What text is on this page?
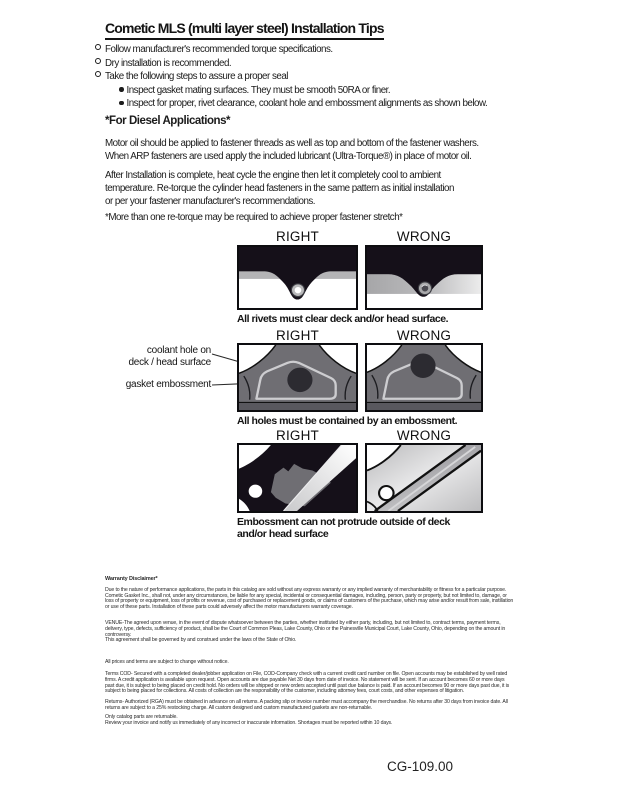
Cometic MLS (multi layer steel) Installation Tips
Follow manufacturer's recommended torque specifications.
Dry installation is recommended.
Take the following steps to assure a proper seal
Inspect gasket mating surfaces. They must be smooth 50RA or finer.
Inspect for proper, rivet clearance, coolant hole and embossment alignments as shown below.
*For Diesel Applications*
Motor oil should be applied to fastener threads as well as top and bottom of the fastener washers.
When ARP fasteners are used apply the included lubricant (Ultra-Torque®) in place of motor oil.
After Installation is complete, heat cycle the engine then let it completely cool to ambient
temperature. Re-torque the cylinder head fasteners in the same pattern as initial installation
or per your fastener manufacturer's recommendations.
*More than one re-torque may be required to achieve proper fastener stretch*
RIGHT	WRONG
All rivets must clear deck and/or head surface.
coolant hole on
deck / head surface
gasket embossment
RIGHT	WRONG
All holes must be contained by an embossment.
RIGHT	WRONG
Embossment can not protrude outside of deck
and/or head surface

Warranty Disclaimer*

Due to the nature of performance applications, the parts in this catalog are sold without any express warranty or any implied warranty of merchantability or fitness for a particular purpose. Cometic Gasket Inc., shall not, under any circumstances, be liable for any special, incidental or consequential damages, including, person, party or property, but not limited to, damage, or loss of property or equipment, loss of profits or revenue, cost of purchased or replacement goods, or claims of customers of the purchase, which may arise and/or result from sale, instillation or use of these parts. Installation of these parts could adversely affect the motor manufacturers warranty coverage.

VENUE-The agreed upon venue, in the event of dispute whatsoever between the parties, whether instituted by either party, including, but not limited to, contract terms, payment terms, delivery, type, defects, sufficiency of product, shall be the Court of Common Pleas, Lake County, Ohio or the Painesville Municipal Court, Lake County, Ohio, depending on the amount in controversy.

This agreement shall be governed by and construed under the laws of the State of Ohio.

All prices and terms are subject to change without notice.

Terms COD- Secured with a completed dealer/jobber application on File, COD-Company check with a current credit card number on file. Open accounts may be established by well rated firms. A credit application is available upon request. Open accounts are due payable Net 30 days from date of invoice. No statement will be sent. If an account becomes 60 or more days past due, it is subject to being placed on credit hold. No orders will be shipped or new orders accepted until past due balance is paid. If an account becomes 90 or more days past due, it is subject to being placed for collections. All costs of collection are the responsibility of the customer, including attorney fees, court costs, and other expenses of litigation.

Returns- Authorized (RGA) must be obtained in advance on all returns. A packing slip or invoice number must accompany the merchandise. No returns after 30 days from invoice date. All returns are subject to a 25% restocking charge. All custom designed and custom manufactured gaskets are non-returnable.

Only catalog parts are returnable.

Review your invoice and notify us immediately of any incorrect or inaccurate information. Shortages must be reported within 10 days.

CG-109.00
